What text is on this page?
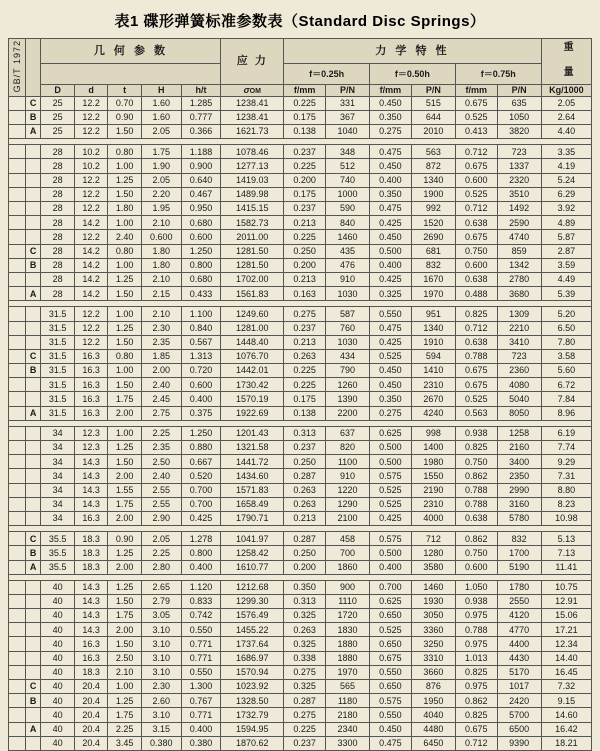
表1 碟形弹簧标准参数表（Standard Disc Springs）
GB/T 1972		几 何 参 数					应 力	力 学 特 性						重 量
								f＝0.25h		f＝0.50h		f＝0.75h		
		D	d	t	H	h/t	σOM	f/mm	P/N	f/mm	P/N	f/mm	P/N	Kg/1000
	C	25	12.2	0.70	1.60	1.285	1238.41	0.225	331	0.450	515	0.675	635	2.05
	B	25	12.2	0.90	1.60	0.777	1238.41	0.175	367	0.350	644	0.525	1050	2.64
	A	25	12.2	1.50	2.05	0.366	1621.73	0.138	1040	0.275	2010	0.413	3820	4.40

		28	10.2	0.80	1.75	1.188	1078.46	0.237	348	0.475	563	0.712	723	3.35
		28	10.2	1.00	1.90	0.900	1277.13	0.225	512	0.450	872	0.675	1337	4.19
		28	12.2	1.25	2.05	0.640	1419.03	0.200	740	0.400	1340	0.600	2320	5.24
		28	12.2	1.50	2.20	0.467	1489.98	0.175	1000	0.350	1900	0.525	3510	6.29
		28	12.2	1.80	1.95	0.950	1415.15	0.237	590	0.475	992	0.712	1492	3.92
		28	14.2	1.00	2.10	0.680	1582.73	0.213	840	0.425	1520	0.638	2590	4.89
		28	12.2	2.40	0.600	0.600	2011.00	0.225	1460	0.450	2690	0.675	4740	5.87
	C	28	14.2	0.80	1.80	1.250	1281.50	0.250	435	0.500	681	0.750	859	2.87
	B	28	14.2	1.00	1.80	0.800	1281.50	0.200	476	0.400	832	0.600	1342	3.59
		28	14.2	1.25	2.10	0.680	1702.00	0.213	910	0.425	1670	0.638	2780	4.49
	A	28	14.2	1.50	2.15	0.433	1561.83	0.163	1030	0.325	1970	0.488	3680	5.39

		31.5	12.2	1.00	2.10	1.100	1249.60	0.275	587	0.550	951	0.825	1309	5.20
		31.5	12.2	1.25	2.30	0.840	1281.00	0.237	760	0.475	1340	0.712	2210	6.50
		31.5	12.2	1.50	2.35	0.567	1448.40	0.213	1030	0.425	1910	0.638	3410	7.80
	C	31.5	16.3	0.80	1.85	1.313	1076.70	0.263	434	0.525	594	0.788	723	3.58
	B	31.5	16.3	1.00	2.00	0.720	1442.01	0.225	790	0.450	1410	0.675	2360	5.60
		31.5	16.3	1.50	2.40	0.600	1730.42	0.225	1260	0.450	2310	0.675	4080	6.72
		31.5	16.3	1.75	2.45	0.400	1570.19	0.175	1390	0.350	2670	0.525	5040	7.84
	A	31.5	16.3	2.00	2.75	0.375	1922.69	0.138	2200	0.275	4240	0.563	8050	8.96

		34	12.3	1.00	2.25	1.250	1201.43	0.313	637	0.625	998	0.938	1258	6.19
		34	12.3	1.25	2.35	0.880	1321.58	0.237	820	0.500	1400	0.825	2160	7.74
		34	14.3	1.50	2.50	0.667	1441.72	0.250	1100	0.500	1980	0.750	3400	9.29
		34	14.3	2.00	2.40	0.520	1434.60	0.287	910	0.575	1550	0.862	2350	7.31
		34	14.3	1.55	2.55	0.700	1571.83	0.263	1220	0.525	2190	0.788	2990	8.80
		34	14.3	1.75	2.55	0.700	1658.49	0.263	1290	0.525	2310	0.788	3160	8.23
		34	16.3	2.00	2.90	0.425	1790.71	0.213	2100	0.425	4000	0.638	5780	10.98

	C	35.5	18.3	0.90	2.05	1.278	1041.97	0.287	458	0.575	712	0.862	832	5.13
	B	35.5	18.3	1.25	2.25	0.800	1258.42	0.250	700	0.500	1280	0.750	1700	7.13
	A	35.5	18.3	2.00	2.80	0.400	1610.77	0.200	1860	0.400	3580	0.600	5190	11.41

		40	14.3	1.25	2.65	1.120	1212.68	0.350	900	0.700	1460	1.050	1780	10.75
		40	14.3	1.50	2.79	0.833	1299.30	0.313	1110	0.625	1930	0.938	2550	12.91
		40	14.3	1.75	3.05	0.742	1576.49	0.325	1720	0.650	3050	0.975	4120	15.06
		40	14.3	2.00	3.10	0.550	1455.22	0.263	1830	0.525	3360	0.788	4770	17.21
		40	16.3	1.50	3.10	0.771	1737.64	0.325	1880	0.650	3250	0.975	4400	12.34
		40	16.3	2.50	3.10	0.771	1686.97	0.338	1880	0.675	3310	1.013	4430	14.40
		40	18.3	2.10	3.10	0.550	1570.94	0.275	1970	0.550	3660	0.825	5170	16.45
	C	40	20.4	1.00	2.30	1.300	1023.92	0.325	565	0.650	876	0.975	1017	7.32
	B	40	20.4	1.25	2.60	0.767	1328.50	0.287	1180	0.575	1950	0.862	2420	9.15
		40	20.4	1.75	3.10	0.771	1732.79	0.275	2180	0.550	4040	0.825	5700	14.60
	A	40	20.4	2.25	3.15	0.400	1594.95	0.225	2340	0.450	4480	0.675	6500	16.42
		40	20.4	3.45	0.380	0.380	1870.62	0.237	3300	0.475	6450	0.712	9390	18.21
